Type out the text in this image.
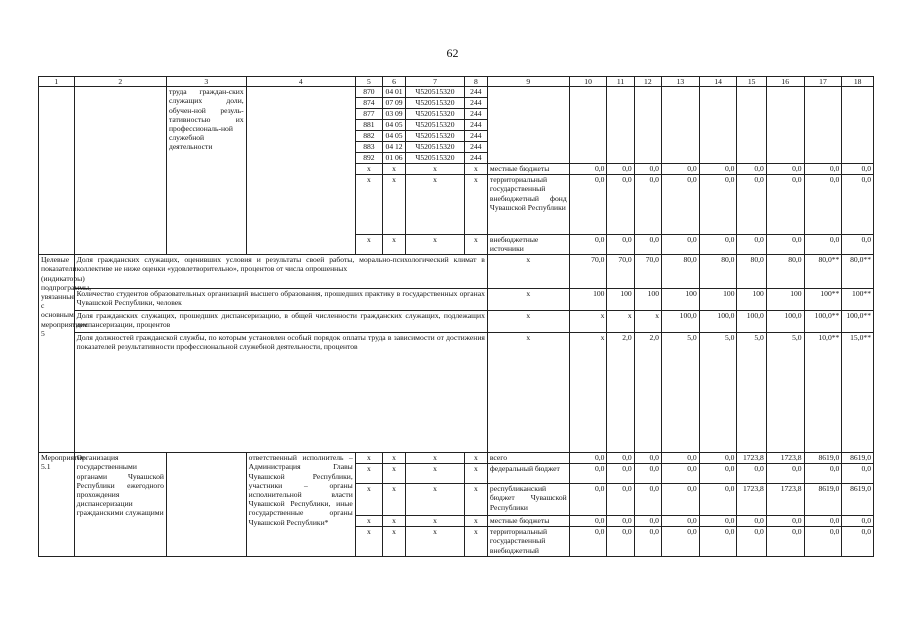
62
1	2	3	4	5	6	7	8	9	10	11	12	13	14	15	16	17	18
		труда граждан-ских служащих доли, обучен-ной резуль-тативностью их профессиональ-ной служебной деятельности		870	04 01	Ч520515320	244										
				874	07 09	Ч520515320	244										
				877	03 09	Ч520515320	244										
				881	04 05	Ч520515320	244										
				882	04 05	Ч520515320	244										
				883	04 12	Ч520515320	244										
				892	01 06	Ч520515320	244										
				x	x	x	x	местные бюджеты	0,0	0,0	0,0	0,0	0,0	0,0	0,0	0,0	0,0
				x	x	x	x	территориальный государственный внебюджетный фонд Чувашской Республики	0,0	0,0	0,0	0,0	0,0	0,0	0,0	0,0	0,0
				x	x	x	x	внебюджетные источники	0,0	0,0	0,0	0,0	0,0	0,0	0,0	0,0	0,0
Целевые показатели (индикаторы) подпрограммы, увязанные с основным мероприятием 5	Доля гражданских служащих, оценивших условия и результаты своей работы, морально-психологический климат в коллективе не ниже оценки «удовлетворительно», процентов от числа опрошенных							x	70,0	70,0	70,0	80,0	80,0	80,0	80,0	80,0**	80,0**
	Количество студентов образовательных организаций высшего образования, прошедших практику в государственных органах Чувашской Республики, человек							x	100	100	100	100	100	100	100	100**	100**
	Доля гражданских служащих, прошедших диспансеризацию, в общей численности гражданских служащих, подлежащих диспансеризации, процентов							x	x	x	x	100,0	100,0	100,0	100,0	100,0**	100,0**
	Доля должностей гражданской службы, по которым установлен особый порядок оплаты труда в зависимости от достижения показателей результативности профессиональной служебной деятельности, процентов							x	x	2,0	2,0	5,0	5,0	5,0	5,0	10,0**	15,0**
Мероприятие 5.1	Организация государственными органами Чувашской Республики ежегодного прохождения диспансеризации гражданскими служащими		ответственный исполнитель – Администрация Главы Чувашской Республики, участники – органы исполнительной власти Чувашской Республики, иные государственные органы Чувашской Республики*	x	x	x	x	всего	0,0	0,0	0,0	0,0	0,0	1723,8	1723,8	8619,0	8619,0
				x	x	x	x	федеральный бюджет	0,0	0,0	0,0	0,0	0,0	0,0	0,0	0,0	0,0
				x	x	x	x	республиканский бюджет Чувашской Республики	0,0	0,0	0,0	0,0	0,0	1723,8	1723,8	8619,0	8619,0
				x	x	x	x	местные бюджеты	0,0	0,0	0,0	0,0	0,0	0,0	0,0	0,0	0,0
				x	x	x	x	территориальный государственный внебюджетный	0,0	0,0	0,0	0,0	0,0	0,0	0,0	0,0	0,0
